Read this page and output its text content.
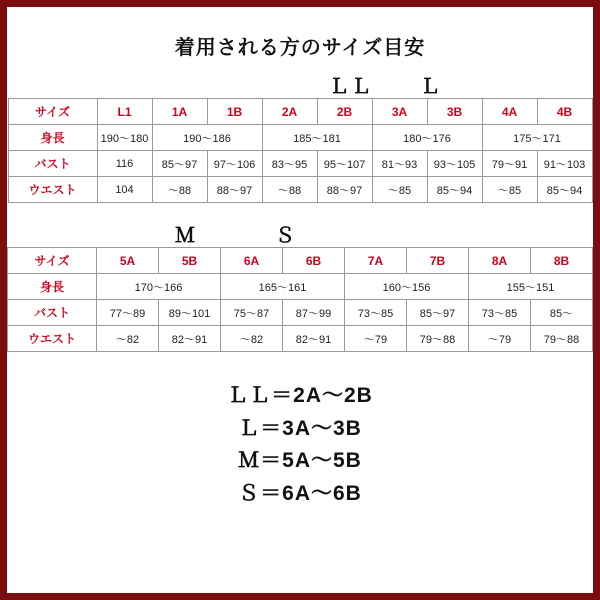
着用される方のサイズ目安
ＬＬ Ｌ
サイズ	L1	1A	1B	2A	2B	3A	3B	4A	4B
身長	190〜180	190〜186		185〜181		180〜176		175〜171	
バスト	116	85〜97	97〜106	83〜95	95〜107	81〜93	93〜105	79〜91	91〜103
ウエスト	104	〜88	88〜97	〜88	88〜97	〜85	85〜94	〜85	85〜94
Ｍ	Ｓ
サイズ	5A	5B	6A	6B	7A	7B	8A	8B
身長	170〜166		165〜161		160〜156		155〜151	
バスト	77〜89	89〜101	75〜87	87〜99	73〜85	85〜97	73〜85	85〜
ウエスト	〜82	82〜91	〜82	82〜91	〜79	79〜88	〜79	79〜88
ＬＬ＝2A〜2B
Ｌ＝3A〜3B
Ｍ＝5A〜5B
Ｓ＝6A〜6B
